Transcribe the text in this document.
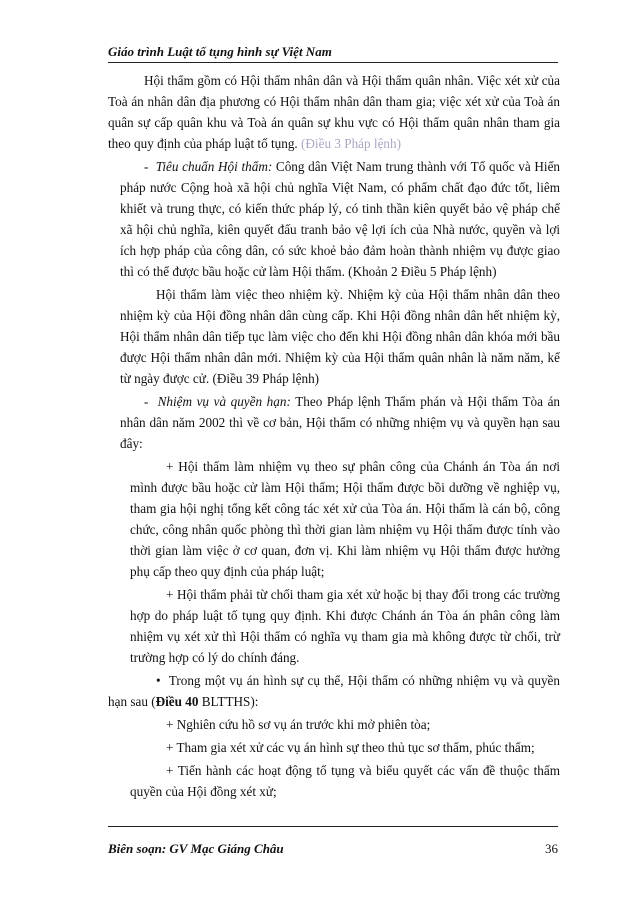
Giáo trình Luật tố tụng hình sự Việt Nam

Hội thẩm gồm có Hội thẩm nhân dân và Hội thẩm quân nhân. Việc xét xử của Toà án nhân dân địa phương có Hội thẩm nhân dân tham gia; việc xét xử của Toà án quân sự cấp quân khu và Toà án quân sự khu vực có Hội thẩm quân nhân tham gia theo quy định của pháp luật tố tụng. (Điều 3 Pháp lệnh)

- Tiêu chuẩn Hội thẩm: Công dân Việt Nam trung thành với Tổ quốc và Hiến pháp nước Cộng hoà xã hội chủ nghĩa Việt Nam, có phẩm chất đạo đức tốt, liêm khiết và trung thực, có kiến thức pháp lý, có tinh thần kiên quyết bảo vệ pháp chế xã hội chủ nghĩa, kiên quyết đấu tranh bảo vệ lợi ích của Nhà nước, quyền và lợi ích hợp pháp của công dân, có sức khoẻ bảo đảm hoàn thành nhiệm vụ được giao thì có thể được bầu hoặc cử làm Hội thẩm. (Khoản 2 Điều 5 Pháp lệnh)

Hội thẩm làm việc theo nhiệm kỳ. Nhiệm kỳ của Hội thẩm nhân dân theo nhiệm kỳ của Hội đồng nhân dân cùng cấp. Khi Hội đồng nhân dân hết nhiệm kỳ, Hội thẩm nhân dân tiếp tục làm việc cho đến khi Hội đồng nhân dân khóa mới bầu được Hội thẩm nhân dân mới. Nhiệm kỳ của Hội thẩm quân nhân là năm năm, kể từ ngày được cử. (Điều 39 Pháp lệnh)

- Nhiệm vụ và quyền hạn: Theo Pháp lệnh Thẩm phán và Hội thẩm Tòa án nhân dân năm 2002 thì về cơ bản, Hội thẩm có những nhiệm vụ và quyền hạn sau đây:

+ Hội thẩm làm nhiệm vụ theo sự phân công của Chánh án Tòa án nơi mình được bầu hoặc cử làm Hội thẩm; Hội thẩm được bồi dưỡng về nghiệp vụ, tham gia hội nghị tổng kết công tác xét xử của Tòa án. Hội thẩm là cán bộ, công chức, công nhân quốc phòng thì thời gian làm nhiệm vụ Hội thẩm được tính vào thời gian làm việc ở cơ quan, đơn vị. Khi làm nhiệm vụ Hội thẩm được hưởng phụ cấp theo quy định của pháp luật;

+ Hội thẩm phải từ chối tham gia xét xử hoặc bị thay đổi trong các trường hợp do pháp luật tố tụng quy định. Khi được Chánh án Tòa án phân công làm nhiệm vụ xét xử thì Hội thẩm có nghĩa vụ tham gia mà không được từ chối, trừ trường hợp có lý do chính đáng.

• Trong một vụ án hình sự cụ thể, Hội thẩm có những nhiệm vụ và quyền hạn sau (Điều 40 BLTTHS):

+ Nghiên cứu hồ sơ vụ án trước khi mở phiên tòa;

+ Tham gia xét xử các vụ án hình sự theo thủ tục sơ thẩm, phúc thẩm;

+ Tiến hành các hoạt động tố tụng và biểu quyết các vấn đề thuộc thẩm quyền của Hội đồng xét xử;

Biên soạn: GV Mạc Giáng Châu	36
